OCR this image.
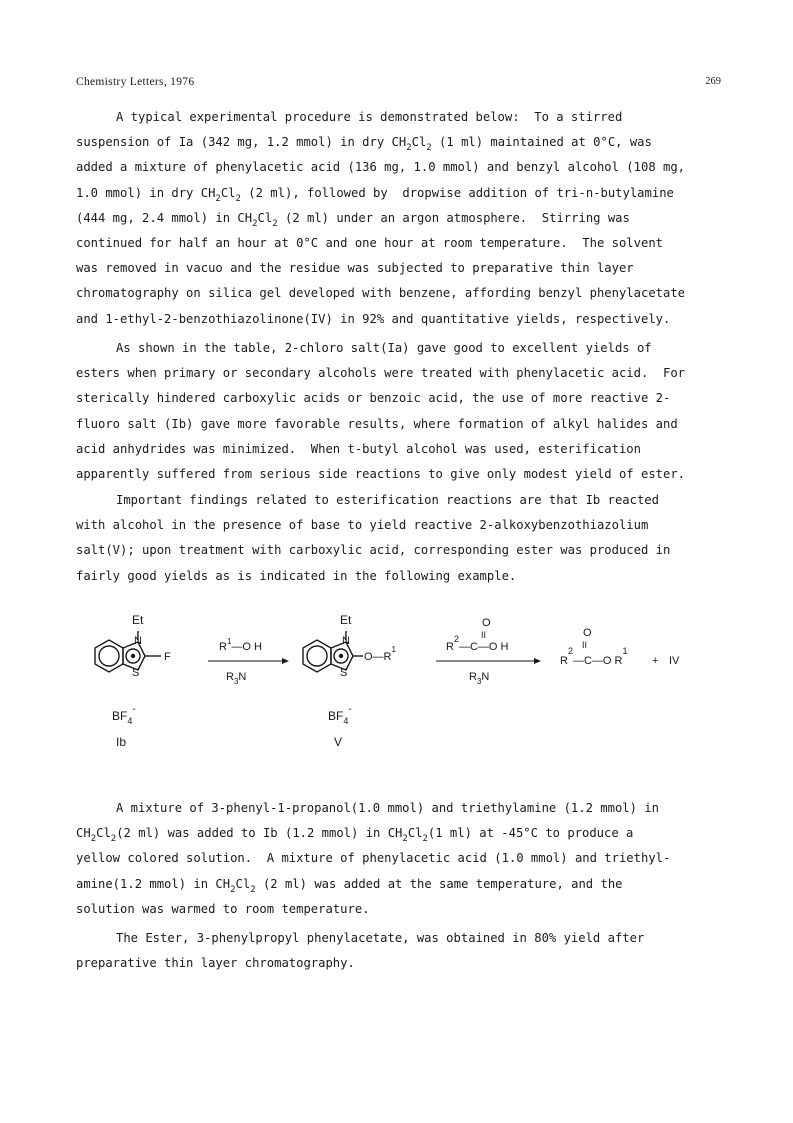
Chemistry Letters, 1976	269
A typical experimental procedure is demonstrated below:  To a stirred
suspension of Ia (342 mg, 1.2 mmol) in dry $CH_2Cl_2$ (1 ml) maintained at 0°C, was
added a mixture of phenylacetic acid (136 mg, 1.0 mmol) and benzyl alcohol (108 mg,
1.0 mmol) in dry $CH_2Cl_2$ (2 ml), followed by  dropwise addition of tri-n-butylamine
(444 mg, 2.4 mmol) in $CH_2Cl_2$ (2 ml) under an argon atmosphere.  Stirring was
continued for half an hour at 0°C and one hour at room temperature.  The solvent
was removed in vacuo and the residue was subjected to preparative thin layer
chromatography on silica gel developed with benzene, affording benzyl phenylacetate
and 1-ethyl-2-benzothiazolinone(IV) in 92% and quantitative yields, respectively.
As shown in the table, 2-chloro salt(Ia) gave good to excellent yields of
esters when primary or secondary alcohols were treated with phenylacetic acid.  For
sterically hindered carboxylic acids or benzoic acid, the use of more reactive 2-
fluoro salt (Ib) gave more favorable results, where formation of alkyl halides and
acid anhydrides was minimized.  When t-butyl alcohol was used, esterification
apparently suffered from serious side reactions to give only modest yield of ester.
Important findings related to esterification reactions are that Ib reacted
with alcohol in the presence of base to yield reactive 2-alkoxybenzothiazolium
salt(V); upon treatment with carboxylic acid, corresponding ester was produced in
fairly good yields as is indicated in the following example.
A mixture of 3-phenyl-1-propanol(1.0 mmol) and triethylamine (1.2 mmol) in
$CH_2Cl_2(2$ ml) was added to Ib (1.2 mmol) in $CH_2Cl_2(1$ ml) at -45°C to produce a
yellow colored solution.  A mixture of phenylacetic acid (1.0 mmol) and triethyl-
amine(1.2 mmol) in $CH_2Cl_2$ (2 ml) was added at the same temperature, and the
solution was warmed to room temperature.
The Ester, 3-phenylpropyl phenylacetate, was obtained in 80% yield after
preparative thin layer chromatography.
Et
N
S
F
$BF_4^-$
Ib
$R^1—O$ H
$R_3N$
Et
N
S
$O—R^1$
$BF_4^-$
V
O
II
$R^2—C—O$ H
$R_3N$
O
II
$R^2—C—O$ $R^1$
+ IV
